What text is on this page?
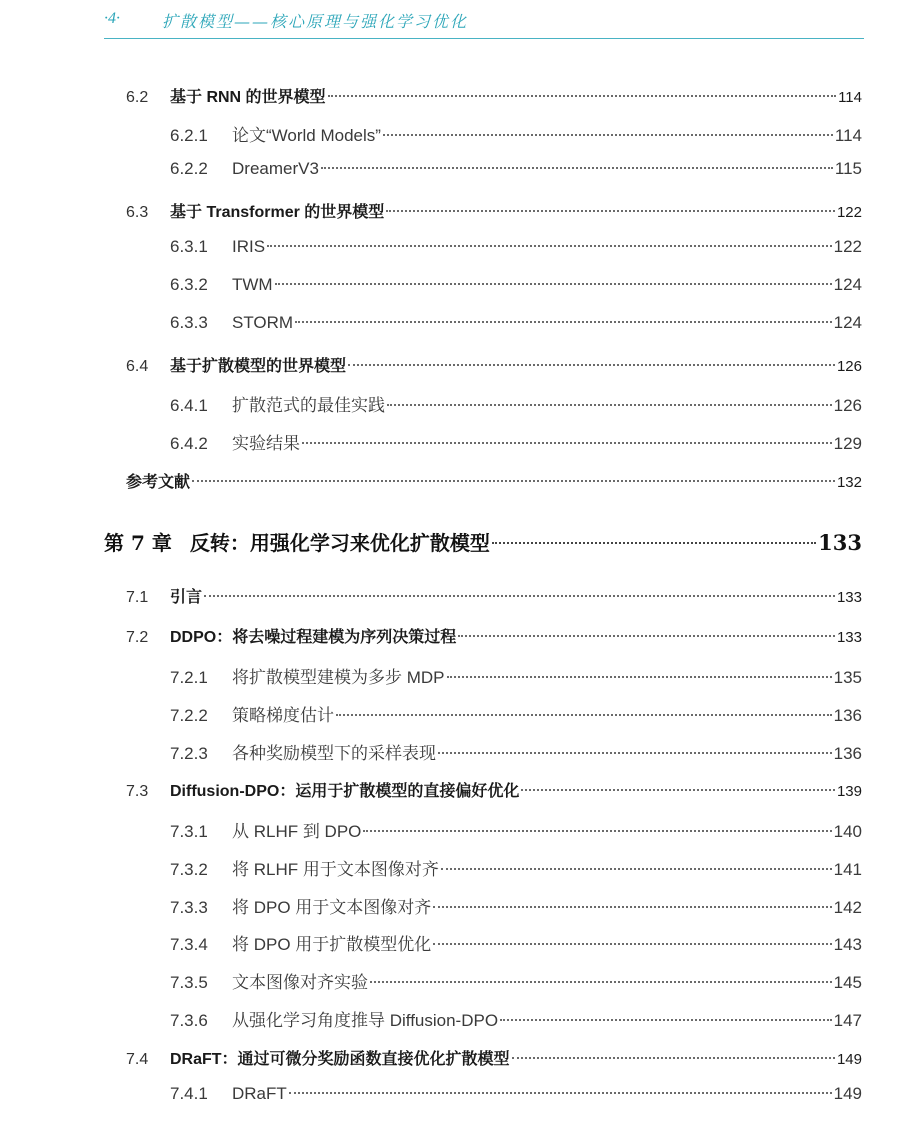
·4·	扩散模型——核心原理与强化学习优化
6.2	基于 RNN 的世界模型	114
6.2.1	论文“World Models”	114
6.2.2	DreamerV3	115
6.3	基于 Transformer 的世界模型	122
6.3.1	IRIS	122
6.3.2	TWM	124
6.3.3	STORM	124
6.4	基于扩散模型的世界模型	126
6.4.1	扩散范式的最佳实践	126
6.4.2	实验结果	129
参考文献	132
第 7 章 反转：用强化学习来优化扩散模型	133
7.1	引言	133
7.2	DDPO：将去噪过程建模为序列决策过程	133
7.2.1	将扩散模型建模为多步 MDP	135
7.2.2	策略梯度估计	136
7.2.3	各种奖励模型下的采样表现	136
7.3	Diffusion-DPO：运用于扩散模型的直接偏好优化	139
7.3.1	从 RLHF 到 DPO	140
7.3.2	将 RLHF 用于文本图像对齐	141
7.3.3	将 DPO 用于文本图像对齐	142
7.3.4	将 DPO 用于扩散模型优化	143
7.3.5	文本图像对齐实验	145
7.3.6	从强化学习角度推导 Diffusion-DPO	147
7.4	DRaFT：通过可微分奖励函数直接优化扩散模型	149
7.4.1	DRaFT	149
